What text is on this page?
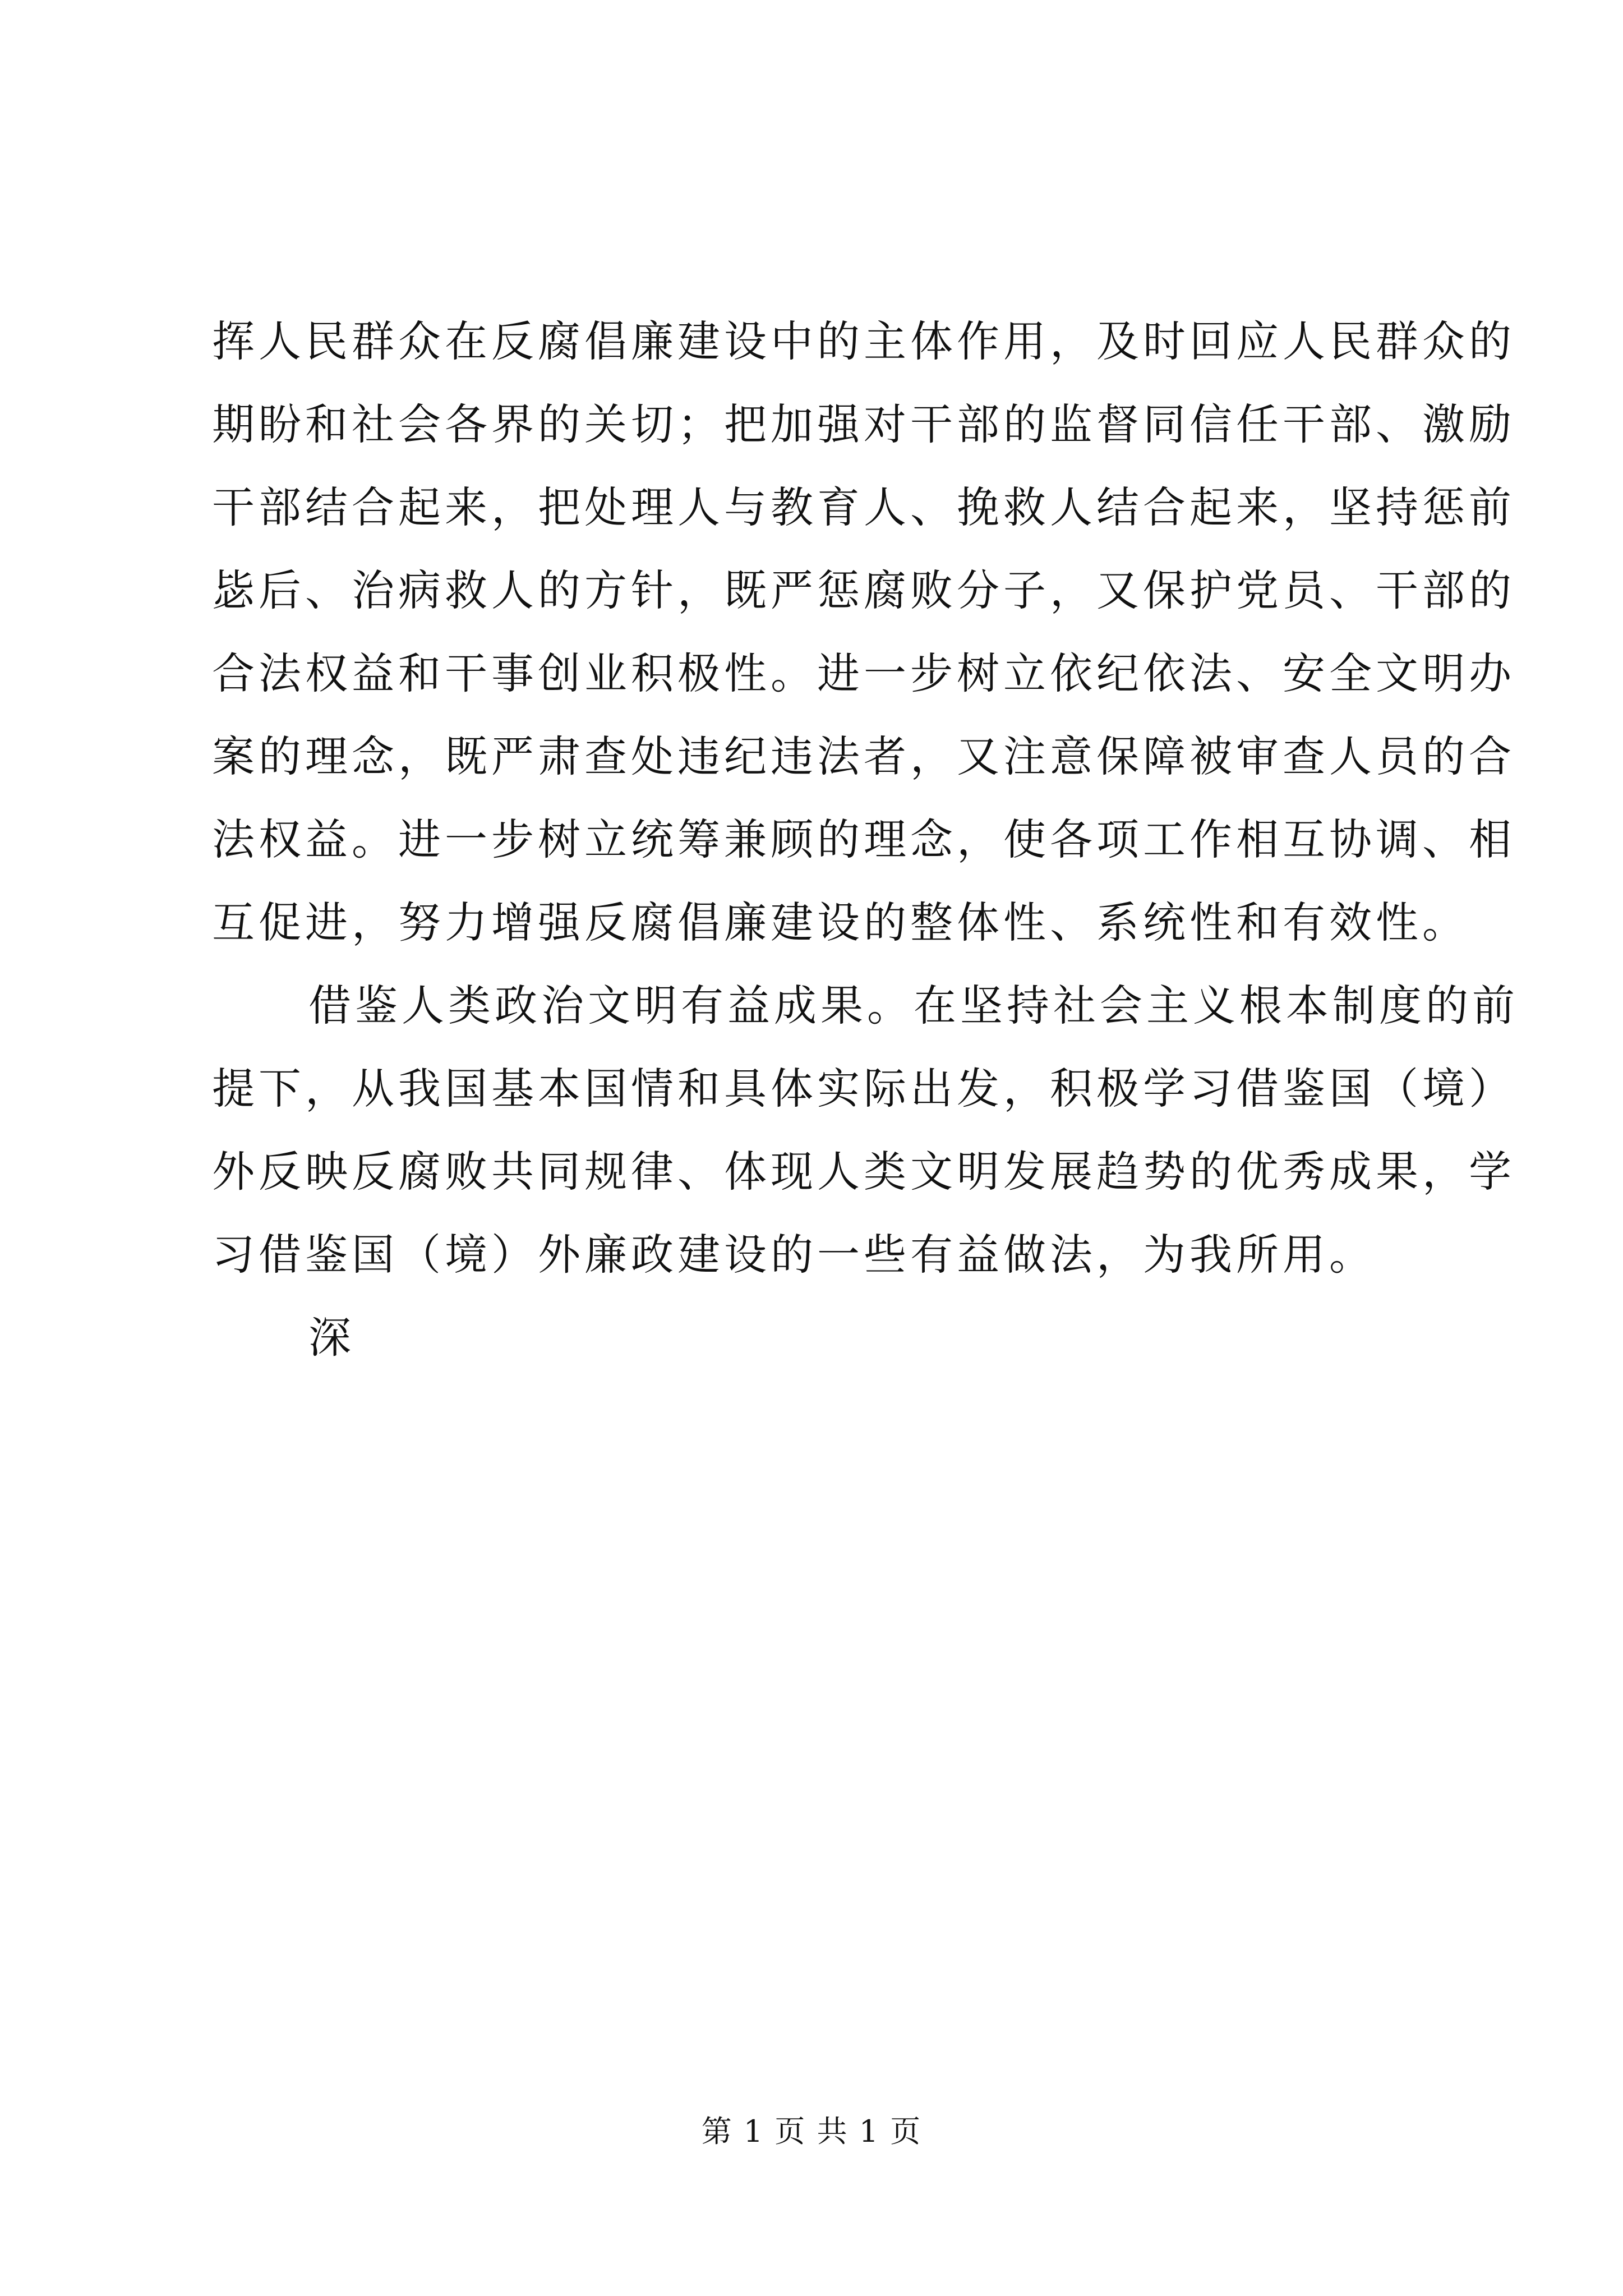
挥人民群众在反腐倡廉建设中的主体作用，及时回应人民群众的
期盼和社会各界的关切；把加强对干部的监督同信任干部、激励
干部结合起来，把处理人与教育人、挽救人结合起来，坚持惩前
毖后、治病救人的方针，既严惩腐败分子，又保护党员、干部的
合法权益和干事创业积极性。进一步树立依纪依法、安全文明办
案的理念，既严肃查处违纪违法者，又注意保障被审查人员的合
法权益。进一步树立统筹兼顾的理念，使各项工作相互协调、相
互促进，努力增强反腐倡廉建设的整体性、系统性和有效性。
借鉴人类政治文明有益成果。在坚持社会主义根本制度的前
提下，从我国基本国情和具体实际出发，积极学习借鉴国（境）
外反映反腐败共同规律、体现人类文明发展趋势的优秀成果，学
习借鉴国（境）外廉政建设的一些有益做法，为我所用。
深
第 1 页 共 1 页
